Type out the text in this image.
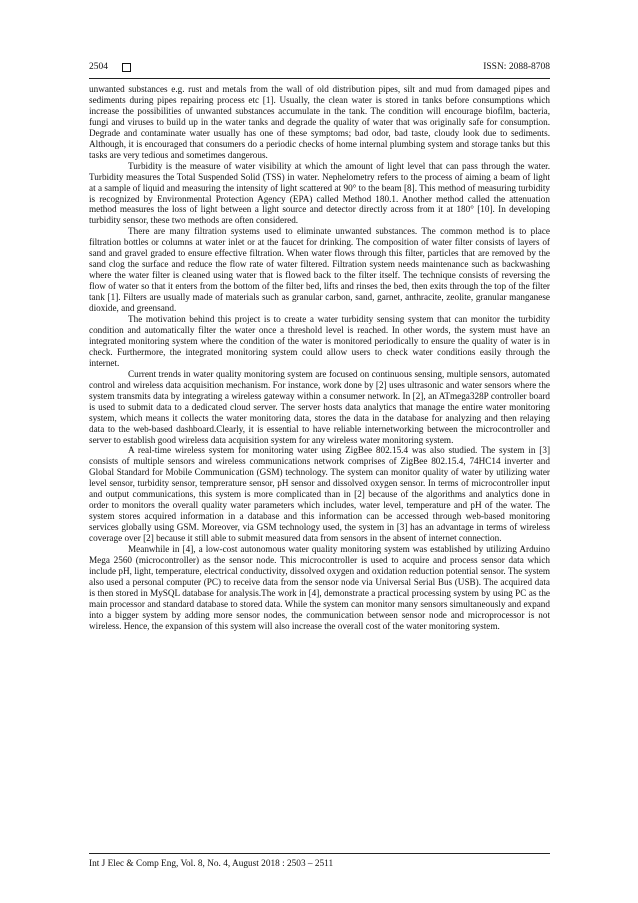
2504	ISSN: 2088-8708

unwanted substances e.g. rust and metals from the wall of old distribution pipes, silt and mud from damaged pipes and sediments during pipes repairing process etc [1]. Usually, the clean water is stored in tanks before consumptions which increase the possibilities of unwanted substances accumulate in the tank. The condition will encourage biofilm, bacteria, fungi and viruses to build up in the water tanks and degrade the quality of water that was originally safe for consumption. Degrade and contaminate water usually has one of these symptoms; bad odor, bad taste, cloudy look due to sediments. Although, it is encouraged that consumers do a periodic checks of home internal plumbing system and storage tanks but this tasks are very tedious and sometimes dangerous.

Turbidity is the measure of water visibility at which the amount of light level that can pass through the water. Turbidity measures the Total Suspended Solid (TSS) in water. Nephelometry refers to the process of aiming a beam of light at a sample of liquid and measuring the intensity of light scattered at 90° to the beam [8]. This method of measuring turbidity is recognized by Environmental Protection Agency (EPA) called Method 180.1. Another method called the attenuation method measures the loss of light between a light source and detector directly across from it at 180° [10]. In developing turbidity sensor, these two methods are often considered.

There are many filtration systems used to eliminate unwanted substances. The common method is to place filtration bottles or columns at water inlet or at the faucet for drinking. The composition of water filter consists of layers of sand and gravel graded to ensure effective filtration. When water flows through this filter, particles that are removed by the sand clog the surface and reduce the flow rate of water filtered. Filtration system needs maintenance such as backwashing where the water filter is cleaned using water that is flowed back to the filter itself. The technique consists of reversing the flow of water so that it enters from the bottom of the filter bed, lifts and rinses the bed, then exits through the top of the filter tank [1]. Filters are usually made of materials such as granular carbon, sand, garnet, anthracite, zeolite, granular manganese dioxide, and greensand.

The motivation behind this project is to create a water turbidity sensing system that can monitor the turbidity condition and automatically filter the water once a threshold level is reached. In other words, the system must have an integrated monitoring system where the condition of the water is monitored periodically to ensure the quality of water is in check. Furthermore, the integrated monitoring system could allow users to check water conditions easily through the internet.

Current trends in water quality monitoring system are focused on continuous sensing, multiple sensors, automated control and wireless data acquisition mechanism. For instance, work done by [2] uses ultrasonic and water sensors where the system transmits data by integrating a wireless gateway within a consumer network. In [2], an ATmega328P controller board is used to submit data to a dedicated cloud server. The server hosts data analytics that manage the entire water monitoring system, which means it collects the water monitoring data, stores the data in the database for analyzing and then relaying data to the web-based dashboard.Clearly, it is essential to have reliable internetworking between the microcontroller and server to establish good wireless data acquisition system for any wireless water monitoring system.

A real-time wireless system for monitoring water using ZigBee 802.15.4 was also studied. The system in [3] consists of multiple sensors and wireless communications network comprises of ZigBee 802.15.4, 74HC14 inverter and Global Standard for Mobile Communication (GSM) technology. The system can monitor quality of water by utilizing water level sensor, turbidity sensor, temprerature sensor, pH sensor and dissolved oxygen sensor. In terms of microcontroller input and output communications, this system is more complicated than in [2] because of the algorithms and analytics done in order to monitors the overall quality water parameters which includes, water level, temperature and pH of the water. The system stores acquired information in a database and this information can be accessed through web-based monitoring services globally using GSM. Moreover, via GSM technology used, the system in [3] has an advantage in terms of wireless coverage over [2] because it still able to submit measured data from sensors in the absent of internet connection.

Meanwhile in [4], a low-cost autonomous water quality monitoring system was established by utilizing Arduino Mega 2560 (microcontroller) as the sensor node. This microcontroller is used to acquire and process sensor data which include pH, light, temperature, electrical conductivity, dissolved oxygen and oxidation reduction potential sensor. The system also used a personal computer (PC) to receive data from the sensor node via Universal Serial Bus (USB). The acquired data is then stored in MySQL database for analysis.The work in [4], demonstrate a practical processing system by using PC as the main processor and standard database to stored data. While the system can monitor many sensors simultaneously and expand into a bigger system by adding more sensor nodes, the communication between sensor node and microprocessor is not wireless. Hence, the expansion of this system will also increase the overall cost of the water monitoring system.

Int J Elec & Comp Eng, Vol. 8, No. 4, August 2018 : 2503 – 2511
